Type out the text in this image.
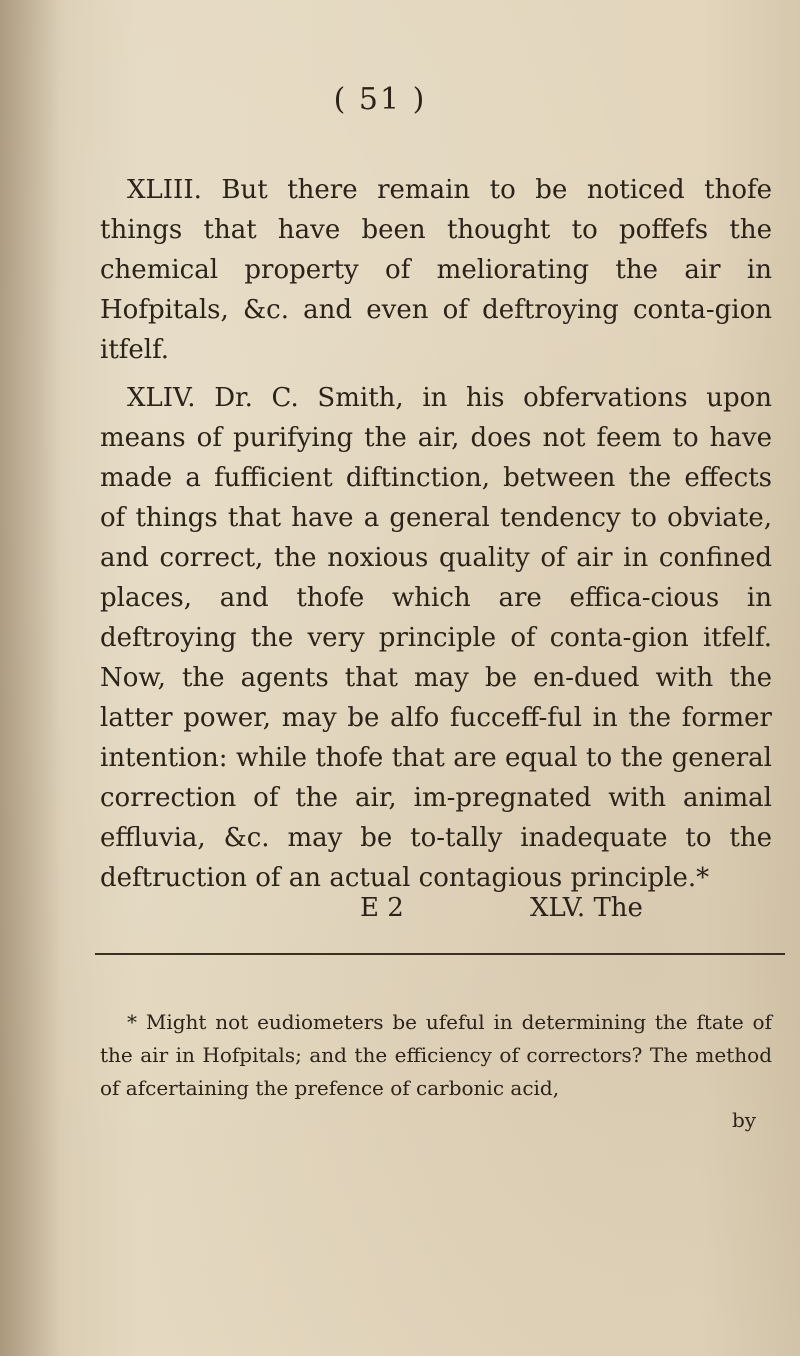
( 51 )
XLIII. But there remain to be noticed thofe things that have been thought to poffefs the chemical property of meliorating the air in Hofpitals, &c. and even of deftroying conta-gion itfelf.
XLIV. Dr. C. Smith, in his obfervations upon means of purifying the air, does not feem to have made a fufficient diftinction, between the effects of things that have a general tendency to obviate, and correct, the noxious quality of air in confined places, and thofe which are effica-cious in deftroying the very principle of conta-gion itfelf. Now, the agents that may be en-dued with the latter power, may be alfo fucceff-ful in the former intention: while thofe that are equal to the general correction of the air, im-pregnated with animal effluvia, &c. may be to-tally inadequate to the deftruction of an actual contagious principle.*
E 2	XLV. The
* Might not eudiometers be ufeful in determining the ftate of the air in Hofpitals; and the efficiency of correctors? The method of afcertaining the prefence of carbonic acid,
by
